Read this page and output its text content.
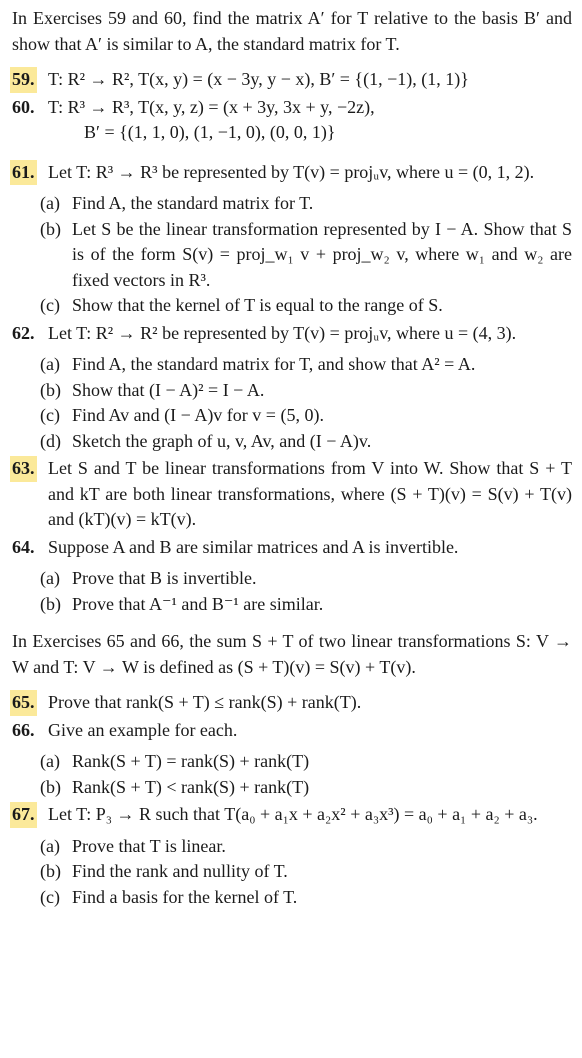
In Exercises 59 and 60, find the matrix A′ for T relative to the basis B′ and show that A′ is similar to A, the standard matrix for T.

59. T: R² → R², T(x, y) = (x − 3y, y − x), B′ = {(1, −1), (1, 1)}
60. T: R³ → R³, T(x, y, z) = (x + 3y, 3x + y, −2z),
B′ = {(1, 1, 0), (1, −1, 0), (0, 0, 1)}
61. Let T: R³ → R³ be represented by T(v) = projᵤv, where u = (0, 1, 2).
(a) Find A, the standard matrix for T.
(b) Let S be the linear transformation represented by I − A. Show that S is of the form S(v) = proj_w₁ v + proj_w₂ v, where w₁ and w₂ are fixed vectors in R³.
(c) Show that the kernel of T is equal to the range of S.
62. Let T: R² → R² be represented by T(v) = projᵤv, where u = (4, 3).
(a) Find A, the standard matrix for T, and show that A² = A.
(b) Show that (I − A)² = I − A.
(c) Find Av and (I − A)v for v = (5, 0).
(d) Sketch the graph of u, v, Av, and (I − A)v.
63. Let S and T be linear transformations from V into W. Show that S + T and kT are both linear transformations, where (S + T)(v) = S(v) + T(v) and (kT)(v) = kT(v).
64. Suppose A and B are similar matrices and A is invertible.
(a) Prove that B is invertible.
(b) Prove that A⁻¹ and B⁻¹ are similar.

In Exercises 65 and 66, the sum S + T of two linear transformations S: V → W and T: V → W is defined as (S + T)(v) = S(v) + T(v).

65. Prove that rank(S + T) ≤ rank(S) + rank(T).
66. Give an example for each.
(a) Rank(S + T) = rank(S) + rank(T)
(b) Rank(S + T) < rank(S) + rank(T)
67. Let T: P₃ → R such that T(a₀ + a₁x + a₂x² + a₃x³) = a₀ + a₁ + a₂ + a₃.
(a) Prove that T is linear.
(b) Find the rank and nullity of T.
(c) Find a basis for the kernel of T.
